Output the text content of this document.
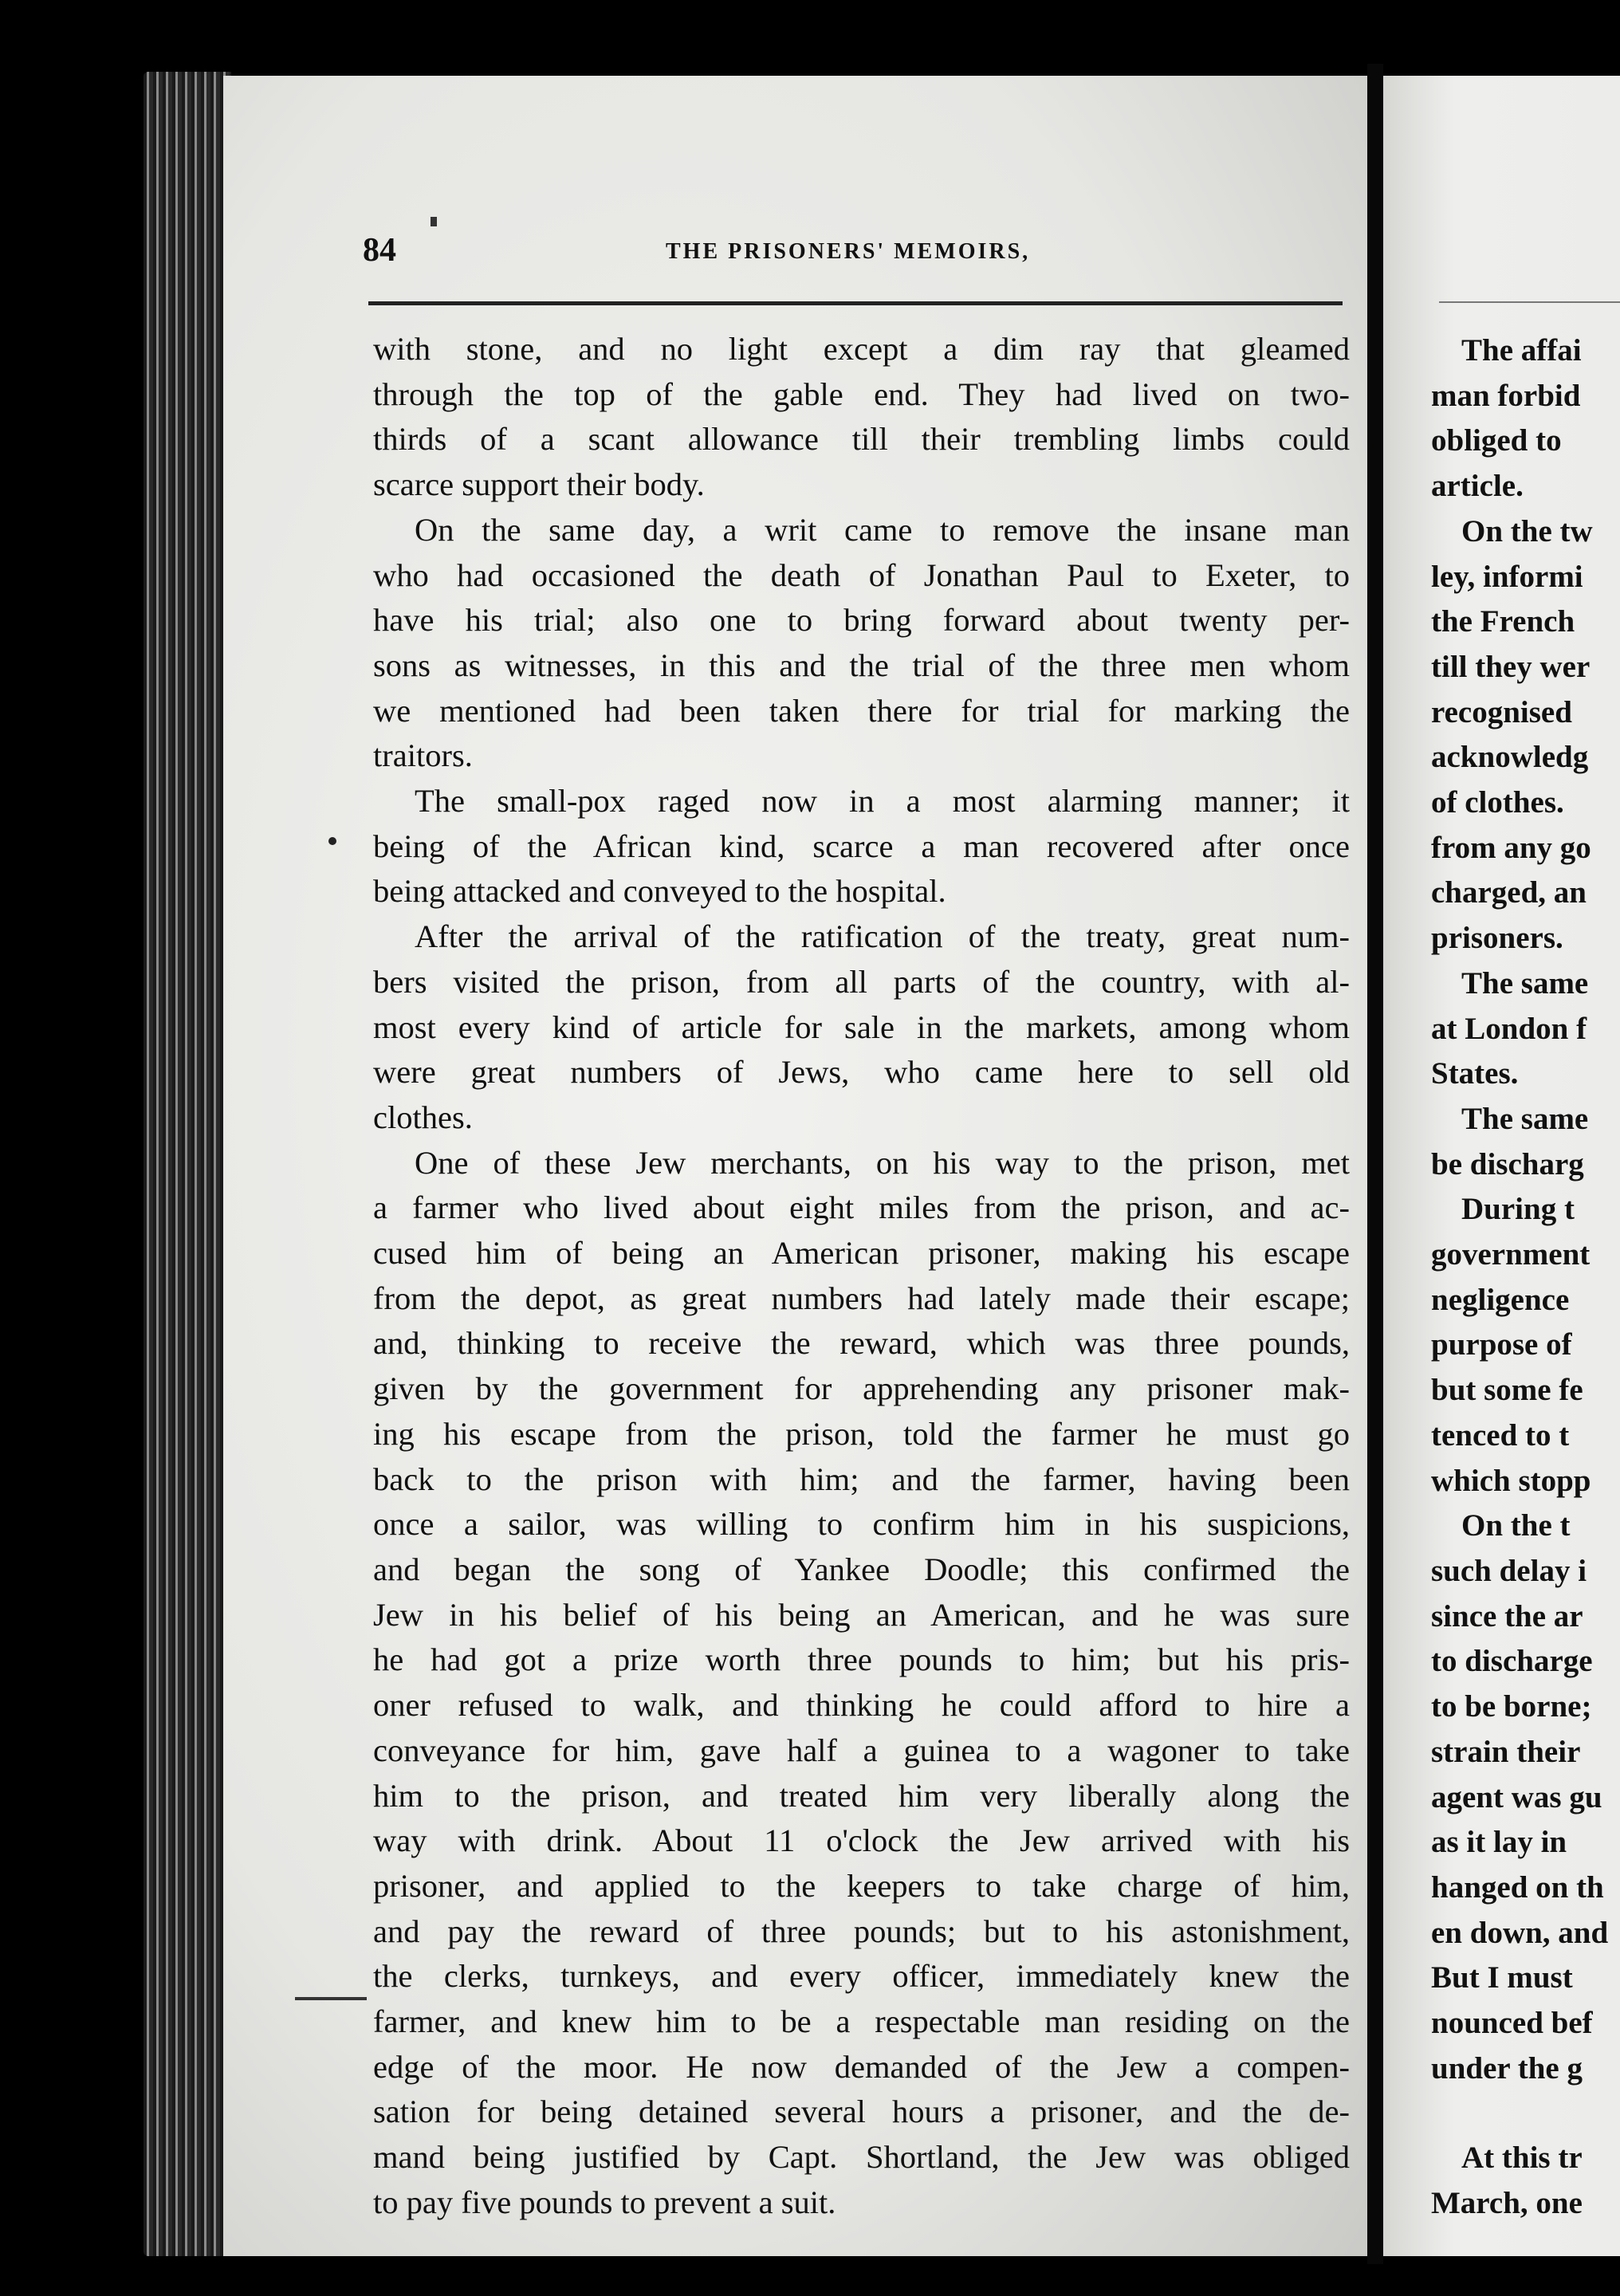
84	THE PRISONERS' MEMOIRS,
with stone, and no light except a dim ray that gleamed
through the top of the gable end. They had lived on two-
thirds of a scant allowance till their trembling limbs could
scarce support their body.
On the same day, a writ came to remove the insane man
who had occasioned the death of Jonathan Paul to Exeter, to
have his trial; also one to bring forward about twenty per-
sons as witnesses, in this and the trial of the three men whom
we mentioned had been taken there for trial for marking the
traitors.
The small-pox raged now in a most alarming manner; it
being of the African kind, scarce a man recovered after once
being attacked and conveyed to the hospital.
After the arrival of the ratification of the treaty, great num-
bers visited the prison, from all parts of the country, with al-
most every kind of article for sale in the markets, among whom
were great numbers of Jews, who came here to sell old
clothes.
One of these Jew merchants, on his way to the prison, met
a farmer who lived about eight miles from the prison, and ac-
cused him of being an American prisoner, making his escape
from the depot, as great numbers had lately made their escape;
and, thinking to receive the reward, which was three pounds,
given by the government for apprehending any prisoner mak-
ing his escape from the prison, told the farmer he must go
back to the prison with him; and the farmer, having been
once a sailor, was willing to confirm him in his suspicions,
and began the song of Yankee Doodle; this confirmed the
Jew in his belief of his being an American, and he was sure
he had got a prize worth three pounds to him; but his pris-
oner refused to walk, and thinking he could afford to hire a
conveyance for him, gave half a guinea to a wagoner to take
him to the prison, and treated him very liberally along the
way with drink. About 11 o'clock the Jew arrived with his
prisoner, and applied to the keepers to take charge of him,
and pay the reward of three pounds; but to his astonishment,
the clerks, turnkeys, and every officer, immediately knew the
farmer, and knew him to be a respectable man residing on the
edge of the moor. He now demanded of the Jew a compen-
sation for being detained several hours a prisoner, and the de-
mand being justified by Capt. Shortland, the Jew was obliged
to pay five pounds to prevent a suit.
The affai
man forbid
obliged to
article.
On the tw
ley, informi
the French
till they wer
recognised
acknowledg
of clothes.
from any go
charged, an
prisoners.
The same
at London f
States.
The same
be discharg
During t
government
negligence
purpose of
but some fe
tenced to t
which stopp
On the t
such delay i
since the ar
to discharge
to be borne;
strain their
agent was gu
as it lay in
hanged on th
en down, and
But I must
nounced bef
under the g
At this tr
March, one
